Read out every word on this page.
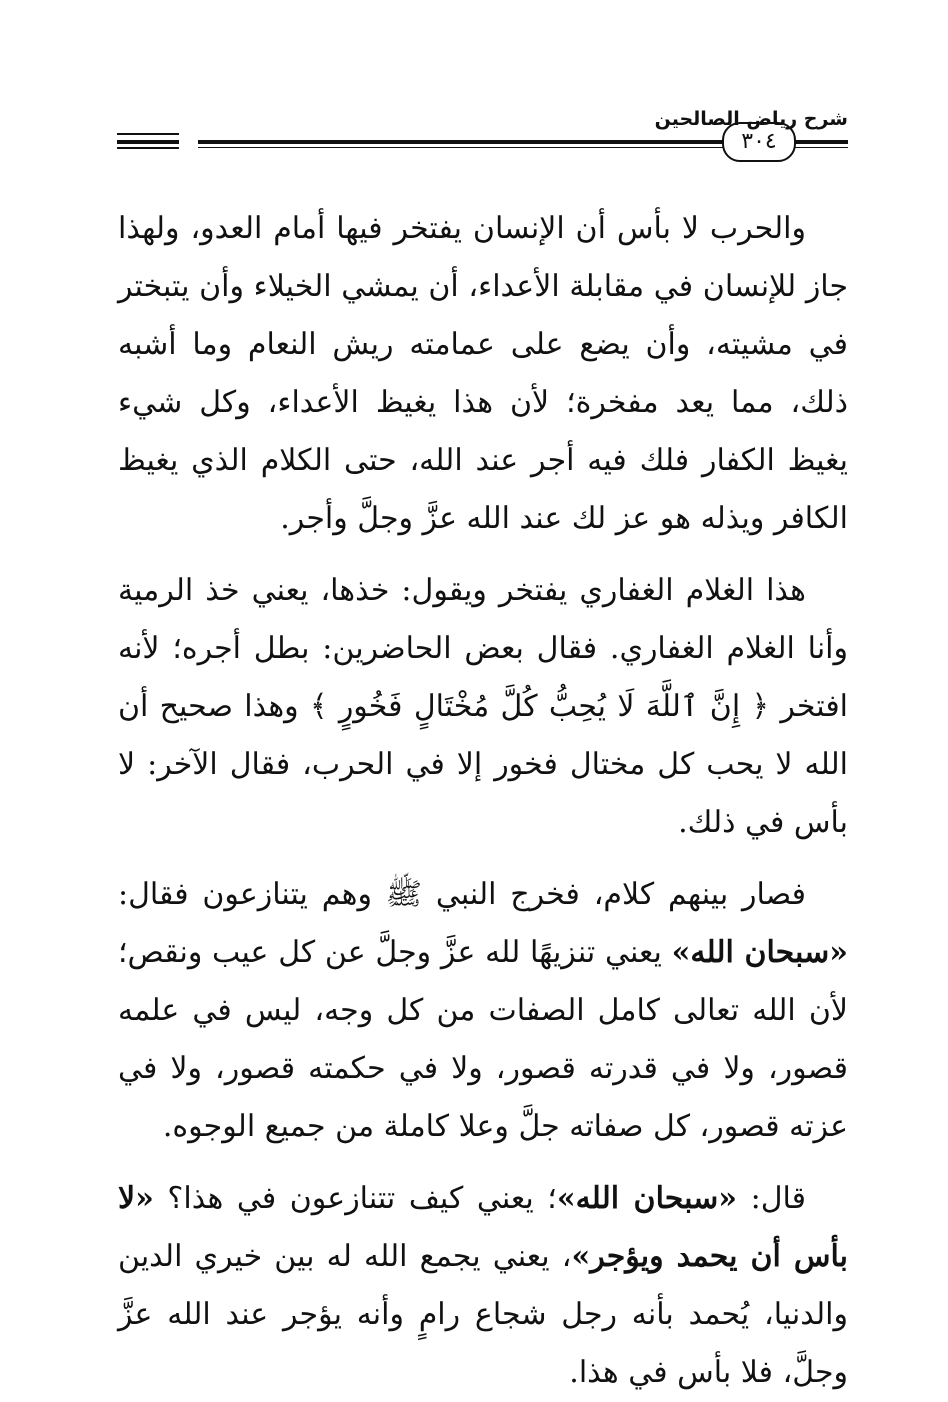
٣٠٤
شرح رياض الصالحين

والحرب لا بأس أن الإنسان يفتخر فيها أمام العدو، ولهذا جاز للإنسان في مقابلة الأعداء، أن يمشي الخيلاء وأن يتبختر في مشيته، وأن يضع على عمامته ريش النعام وما أشبه ذلك، مما يعد مفخرة؛ لأن هذا يغيظ الأعداء، وكل شيء يغيظ الكفار فلك فيه أجر عند الله، حتى الكلام الذي يغيظ الكافر ويذله هو عز لك عند الله عزَّ وجلَّ وأجر.

هذا الغلام الغفاري يفتخر ويقول: خذها، يعني خذ الرمية وأنا الغلام الغفاري. فقال بعض الحاضرين: بطل أجره؛ لأنه افتخر ﴿ إِنَّ ٱللَّهَ لَا يُحِبُّ كُلَّ مُخْتَالٍ فَخُورٍ ﴾ وهذا صحيح أن الله لا يحب كل مختال فخور إلا في الحرب، فقال الآخر: لا بأس في ذلك.

فصار بينهم كلام، فخرج النبي ﷺ وهم يتنازعون فقال: «سبحان الله» يعني تنزيهًا لله عزَّ وجلَّ عن كل عيب ونقص؛ لأن الله تعالى كامل الصفات من كل وجه، ليس في علمه قصور، ولا في قدرته قصور، ولا في حكمته قصور، ولا في عزته قصور، كل صفاته جلَّ وعلا كاملة من جميع الوجوه.

قال: «سبحان الله»؛ يعني كيف تتنازعون في هذا؟ «لا بأس أن يحمد ويؤجر»، يعني يجمع الله له بين خيري الدين والدنيا، يُحمد بأنه رجل شجاع رامٍ وأنه يؤجر عند الله عزَّ وجلَّ، فلا بأس في هذا.
